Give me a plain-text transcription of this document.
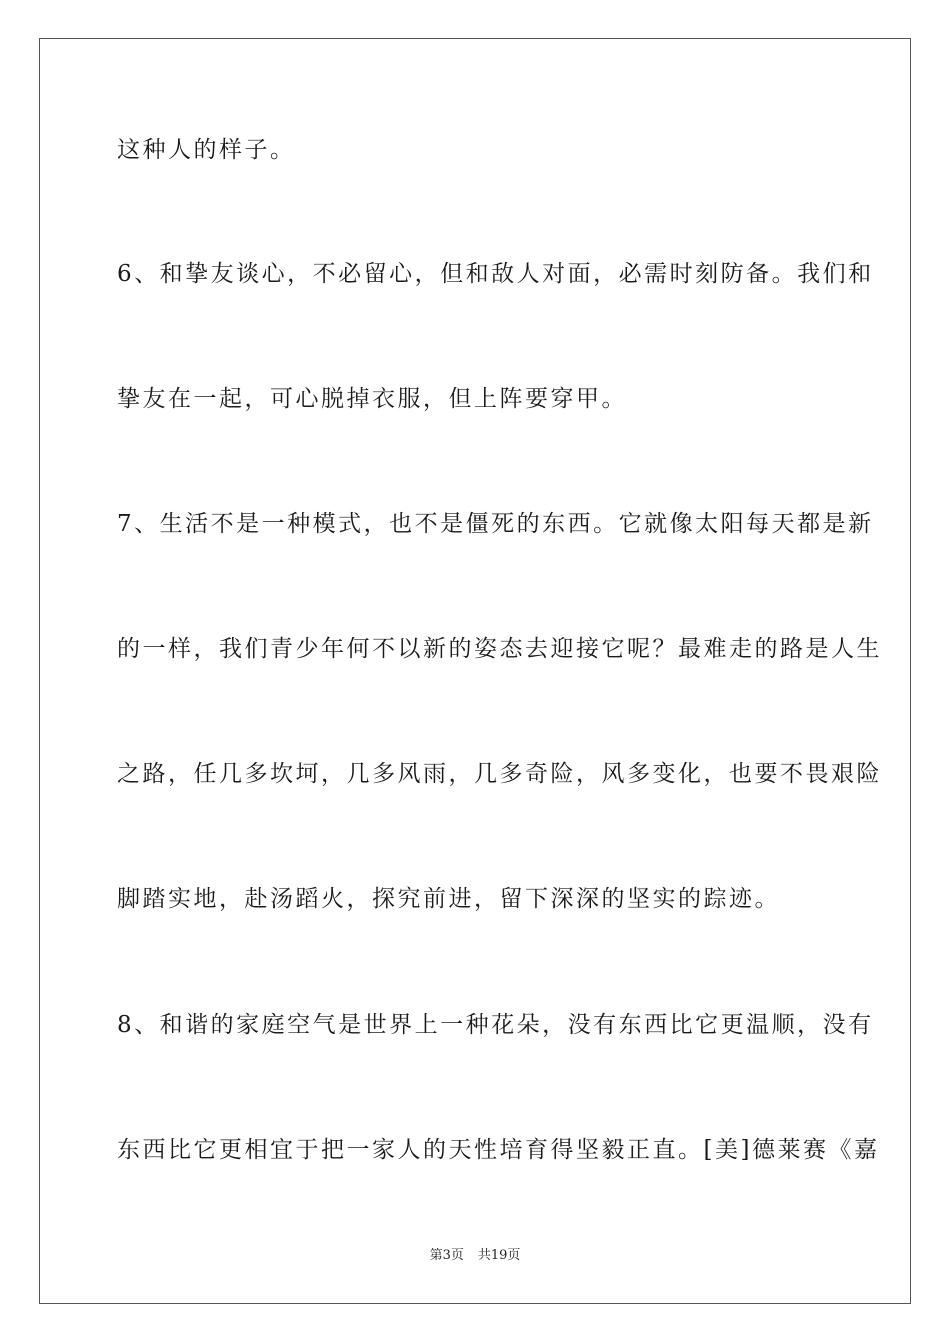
这种人的样子。
6、和挚友谈心，不必留心，但和敌人对面，必需时刻防备。我们和
挚友在一起，可心脱掉衣服，但上阵要穿甲。
7、生活不是一种模式，也不是僵死的东西。它就像太阳每天都是新
的一样，我们青少年何不以新的姿态去迎接它呢？最难走的路是人生
之路，任几多坎坷，几多风雨，几多奇险，风多变化，也要不畏艰险
脚踏实地，赴汤蹈火，探究前进，留下深深的坚实的踪迹。
8、和谐的家庭空气是世界上一种花朵，没有东西比它更温顺，没有
东西比它更相宜于把一家人的天性培育得坚毅正直。[美]德莱赛《嘉
第3页 共19页
